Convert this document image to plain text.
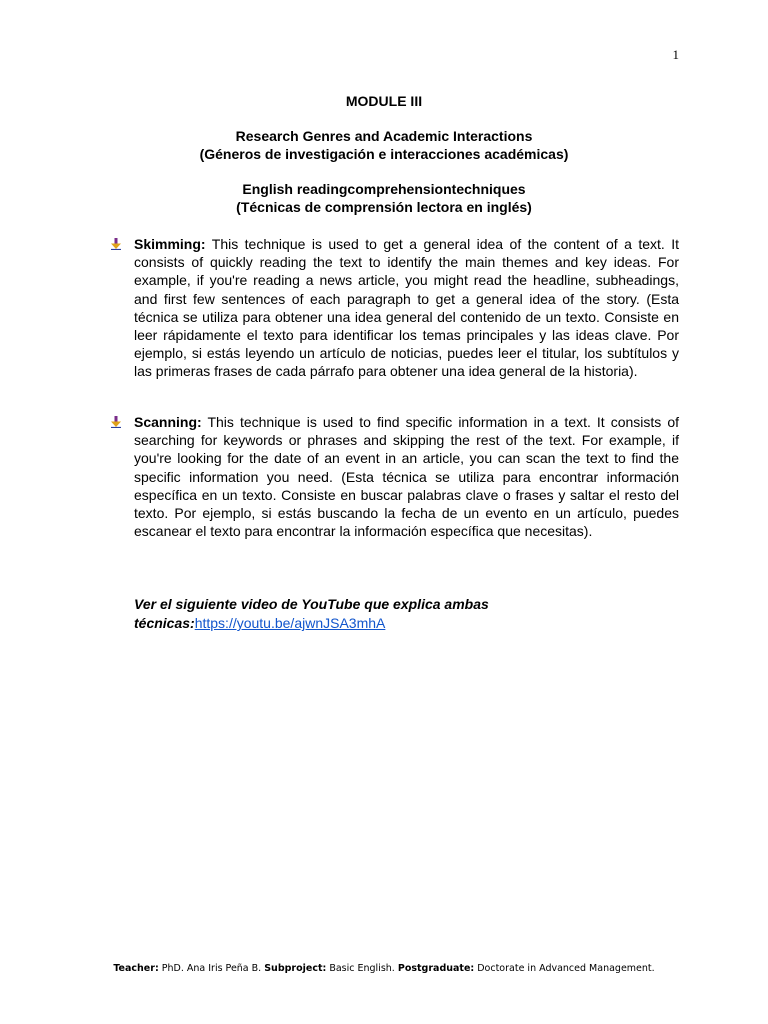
1
MODULE III
Research Genres and Academic Interactions
(Géneros de investigación e interacciones académicas)
English readingcomprehensiontechniques
(Técnicas de comprensión lectora en inglés)
Skimming: This technique is used to get a general idea of the content of a text. It consists of quickly reading the text to identify the main themes and key ideas. For example, if you're reading a news article, you might read the headline, subheadings, and first few sentences of each paragraph to get a general idea of the story. (Esta técnica se utiliza para obtener una idea general del contenido de un texto. Consiste en leer rápidamente el texto para identificar los temas principales y las ideas clave. Por ejemplo, si estás leyendo un artículo de noticias, puedes leer el titular, los subtítulos y las primeras frases de cada párrafo para obtener una idea general de la historia).
Scanning: This technique is used to find specific information in a text. It consists of searching for keywords or phrases and skipping the rest of the text. For example, if you're looking for the date of an event in an article, you can scan the text to find the specific information you need. (Esta técnica se utiliza para encontrar información específica en un texto. Consiste en buscar palabras clave o frases y saltar el resto del texto. Por ejemplo, si estás buscando la fecha de un evento en un artículo, puedes escanear el texto para encontrar la información específica que necesitas).
Ver el siguiente video de YouTube que explica ambas
técnicas:https://youtu.be/ajwnJSA3mhA
Teacher: PhD. Ana Iris Peña B. Subproject: Basic English. Postgraduate: Doctorate in Advanced Management.
